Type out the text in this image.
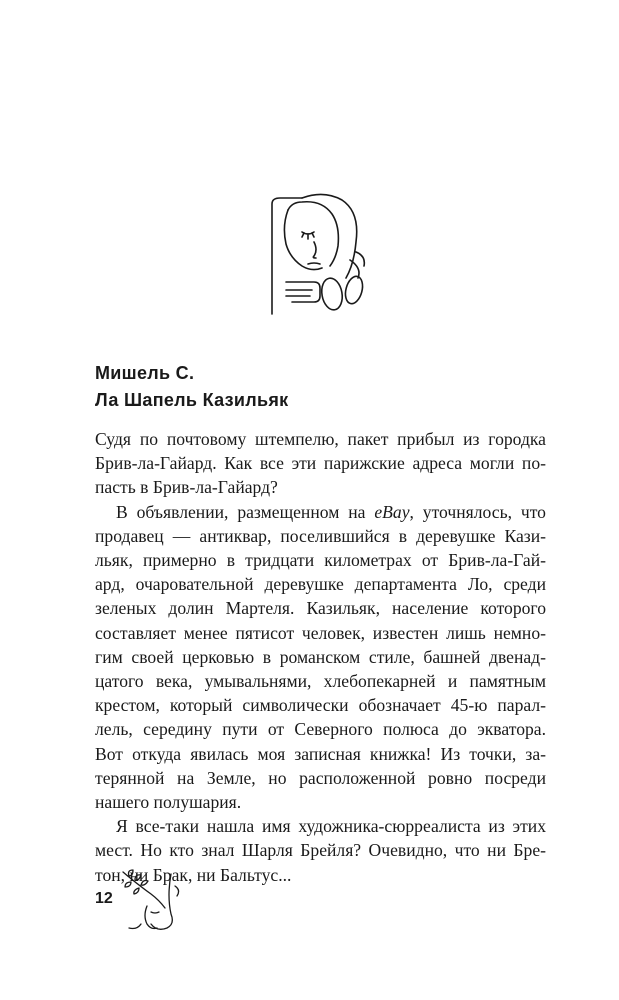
Мишель С.
Ла Шапель Казильяк
Судя по почтовому штемпелю, пакет прибыл из городка
Брив-ла-Гайард. Как все эти парижские адреса могли по-
пасть в Брив-ла-Гайард?
В объявлении, размещенном на eBay, уточнялось, что
продавец — антиквар, поселившийся в деревушке Кази-
льяк, примерно в тридцати километрах от Брив-ла-Гай-
ард, очаровательной деревушке департамента Ло, среди
зеленых долин Мартеля. Казильяк, население которого
составляет менее пятисот человек, известен лишь немно-
гим своей церковью в романском стиле, башней двенад-
цатого века, умывальнями, хлебопекарней и памятным
крестом, который символически обозначает 45-ю парал-
лель, середину пути от Северного полюса до экватора.
Вот откуда явилась моя записная книжка! Из точки, за-
терянной на Земле, но расположенной ровно посреди
нашего полушария.
Я все-таки нашла имя художника-сюрреалиста из этих
мест. Но кто знал Шарля Брейля? Очевидно, что ни Бре-
тон, ни Брак, ни Бальтус...
12
